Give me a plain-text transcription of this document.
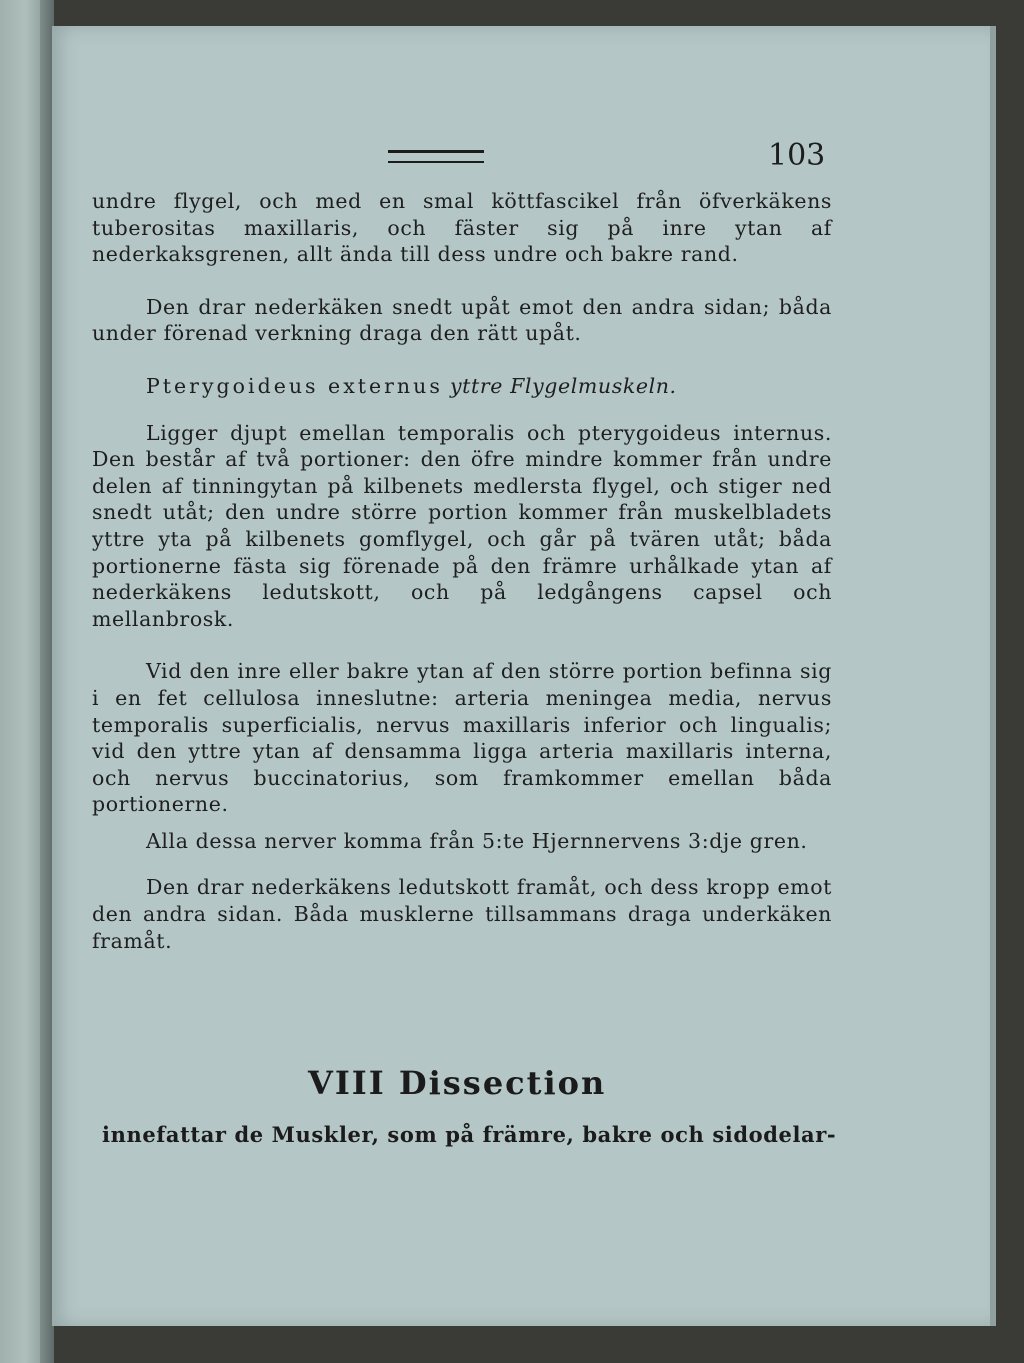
103

undre flygel, och med en smal köttfascikel från öfverkäkens tuberositas maxillaris, och fäster sig på inre ytan af nederkaksgrenen, allt ända till dess undre och bakre rand.

Den drar nederkäken snedt upåt emot den andra sidan; båda under förenad verkning draga den rätt upåt.

Pterygoideus externus yttre Flygelmuskeln.

Ligger djupt emellan temporalis och pterygoideus internus. Den består af två portioner: den öfre mindre kommer från undre delen af tinningytan på kilbenets medlersta flygel, och stiger ned snedt utåt; den undre större portion kommer från muskelbladets yttre yta på kilbenets gomflygel, och går på tvären utåt; båda portionerne fästa sig förenade på den främre urhålkade ytan af nederkäkens ledutskott, och på ledgångens capsel och mellanbrosk.

Vid den inre eller bakre ytan af den större portion befinna sig i en fet cellulosa inneslutne: arteria meningea media, nervus temporalis superficialis, nervus maxillaris inferior och lingualis; vid den yttre ytan af densamma ligga arteria maxillaris interna, och nervus buccinatorius, som framkommer emellan båda portionerne.

Alla dessa nerver komma från 5:te Hjernnervens 3:dje gren.

Den drar nederkäkens ledutskott framåt, och dess kropp emot den andra sidan. Båda musklerne tillsammans draga underkäken framåt.

VIII Dissection
innefattar de Muskler, som på främre, bakre och sidodelar-
